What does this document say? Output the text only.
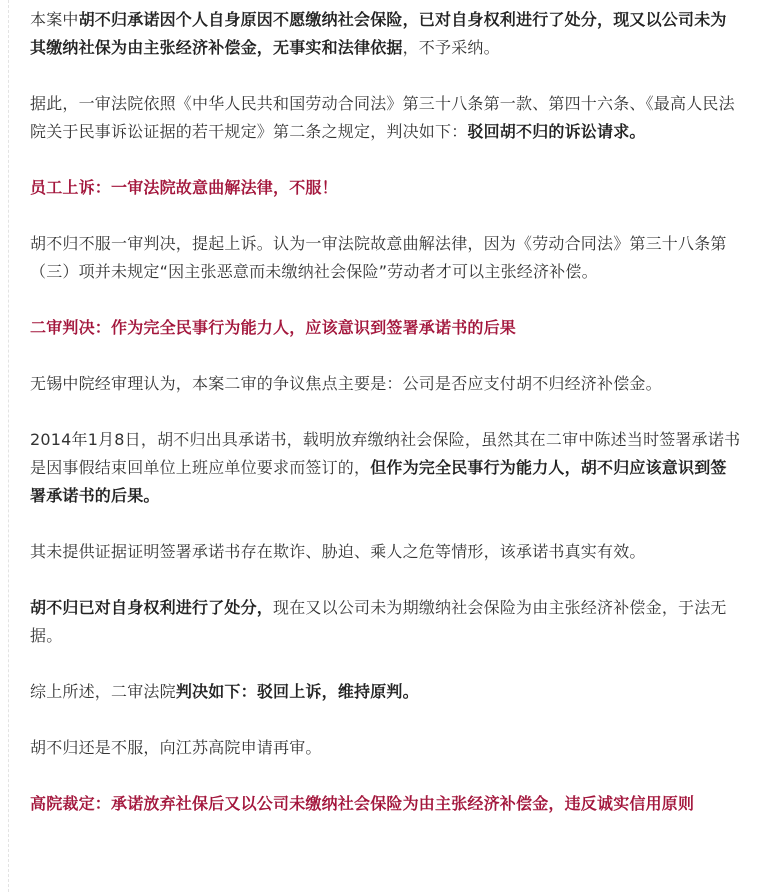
本案中胡不归承诺因个人自身原因不愿缴纳社会保险，已对自身权利进行了处分，现又以公司未为其缴纳社保为由主张经济补偿金，无事实和法律依据，不予采纳。

据此，一审法院依照《中华人民共和国劳动合同法》第三十八条第一款、第四十六条、《最高人民法院关于民事诉讼证据的若干规定》第二条之规定，判决如下：驳回胡不归的诉讼请求。

员工上诉：一审法院故意曲解法律，不服！

胡不归不服一审判决，提起上诉。认为一审法院故意曲解法律，因为《劳动合同法》第三十八条第（三）项并未规定“因主张恶意而未缴纳社会保险”劳动者才可以主张经济补偿。

二审判决：作为完全民事行为能力人，应该意识到签署承诺书的后果

无锡中院经审理认为，本案二审的争议焦点主要是：公司是否应支付胡不归经济补偿金。

2014年1月8日，胡不归出具承诺书，载明放弃缴纳社会保险，虽然其在二审中陈述当时签署承诺书是因事假结束回单位上班应单位要求而签订的，但作为完全民事行为能力人，胡不归应该意识到签署承诺书的后果。

其未提供证据证明签署承诺书存在欺诈、胁迫、乘人之危等情形，该承诺书真实有效。

胡不归已对自身权利进行了处分，现在又以公司未为期缴纳社会保险为由主张经济补偿金，于法无据。

综上所述，二审法院判决如下：驳回上诉，维持原判。

胡不归还是不服，向江苏高院申请再审。

高院裁定：承诺放弃社保后又以公司未缴纳社会保险为由主张经济补偿金，违反诚实信用原则
